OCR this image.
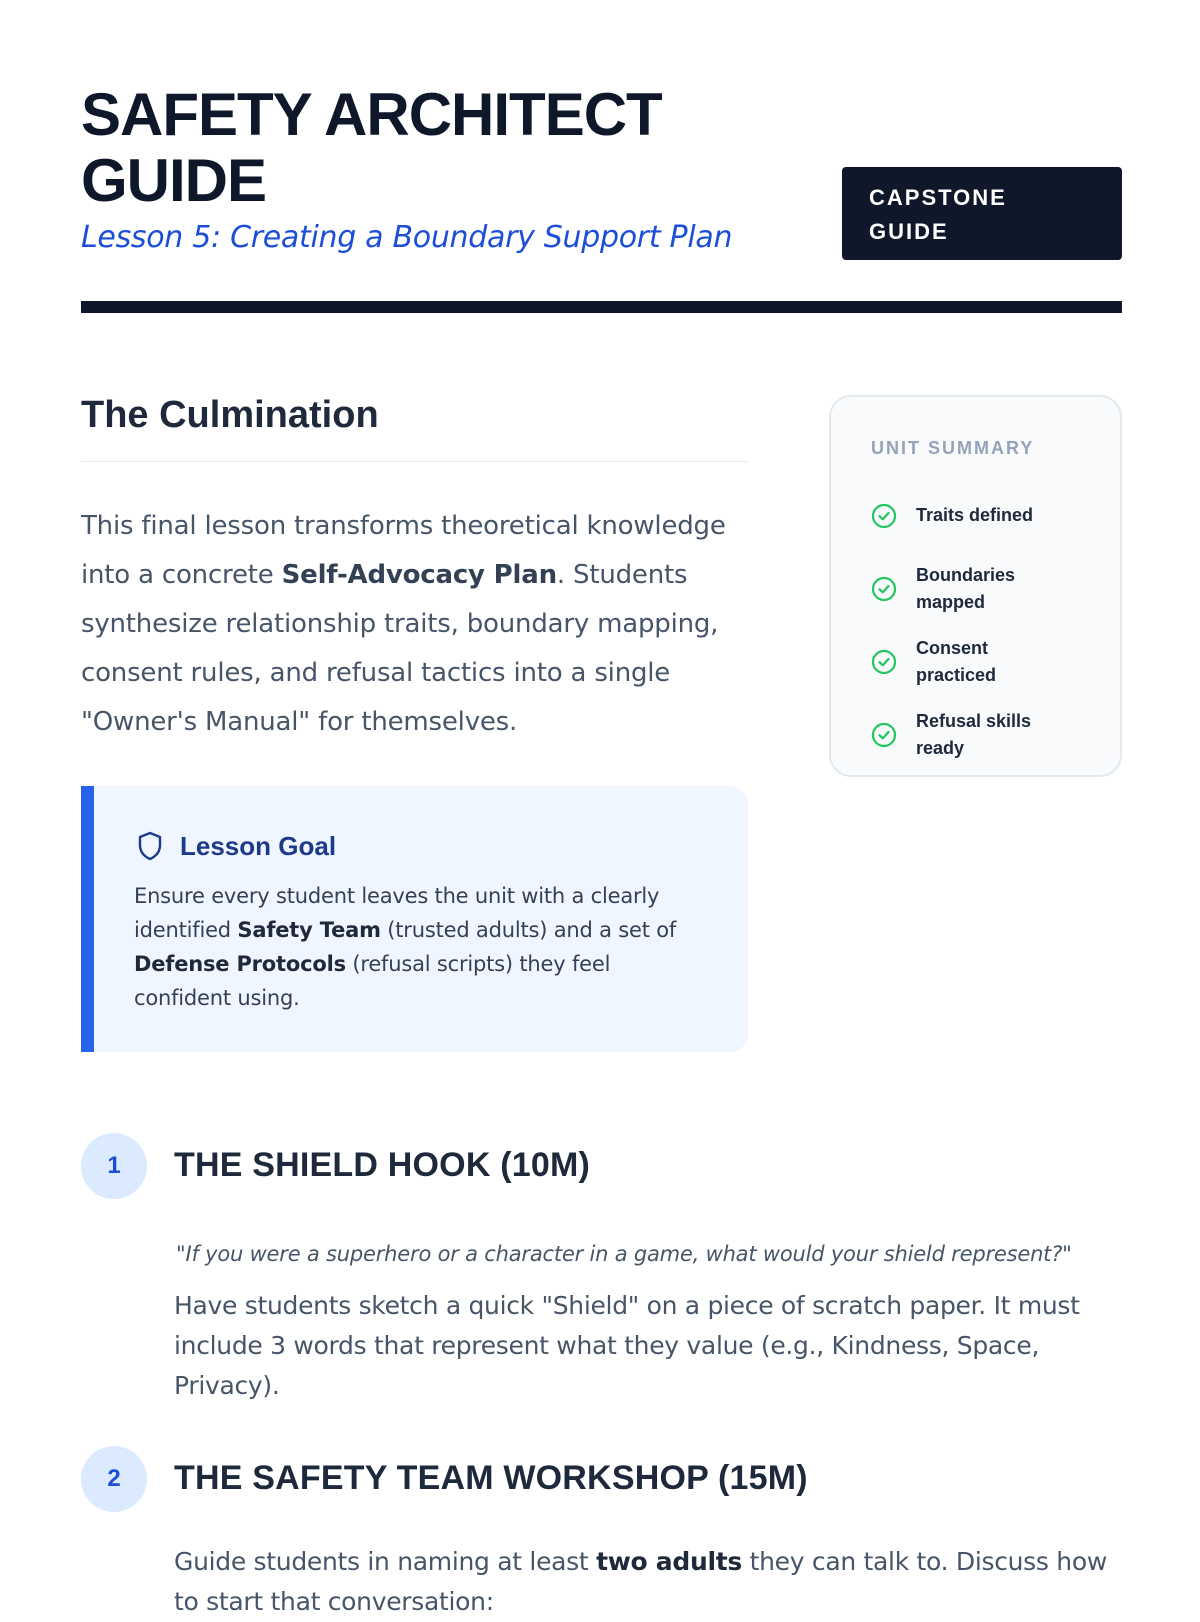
SAFETY ARCHITECT GUIDE
Lesson 5: Creating a Boundary Support Plan
CAPSTONE
GUIDE
The Culmination

This final lesson transforms theoretical knowledge into a concrete Self-Advocacy Plan. Students synthesize relationship traits, boundary mapping, consent rules, and refusal tactics into a single "Owner's Manual" for themselves.

UNIT SUMMARY
Traits defined
Boundaries mapped
Consent practiced
Refusal skills ready
Lesson Goal

Ensure every student leaves the unit with a clearly identified Safety Team (trusted adults) and a set of Defense Protocols (refusal scripts) they feel confident using.

1	THE SHIELD HOOK (10M)

"If you were a superhero or a character in a game, what would your shield represent?"

Have students sketch a quick "Shield" on a piece of scratch paper. It must include 3 words that represent what they value (e.g., Kindness, Space, Privacy).

2	THE SAFETY TEAM WORKSHOP (15M)

Guide students in naming at least two adults they can talk to. Discuss how to start that conversation:
